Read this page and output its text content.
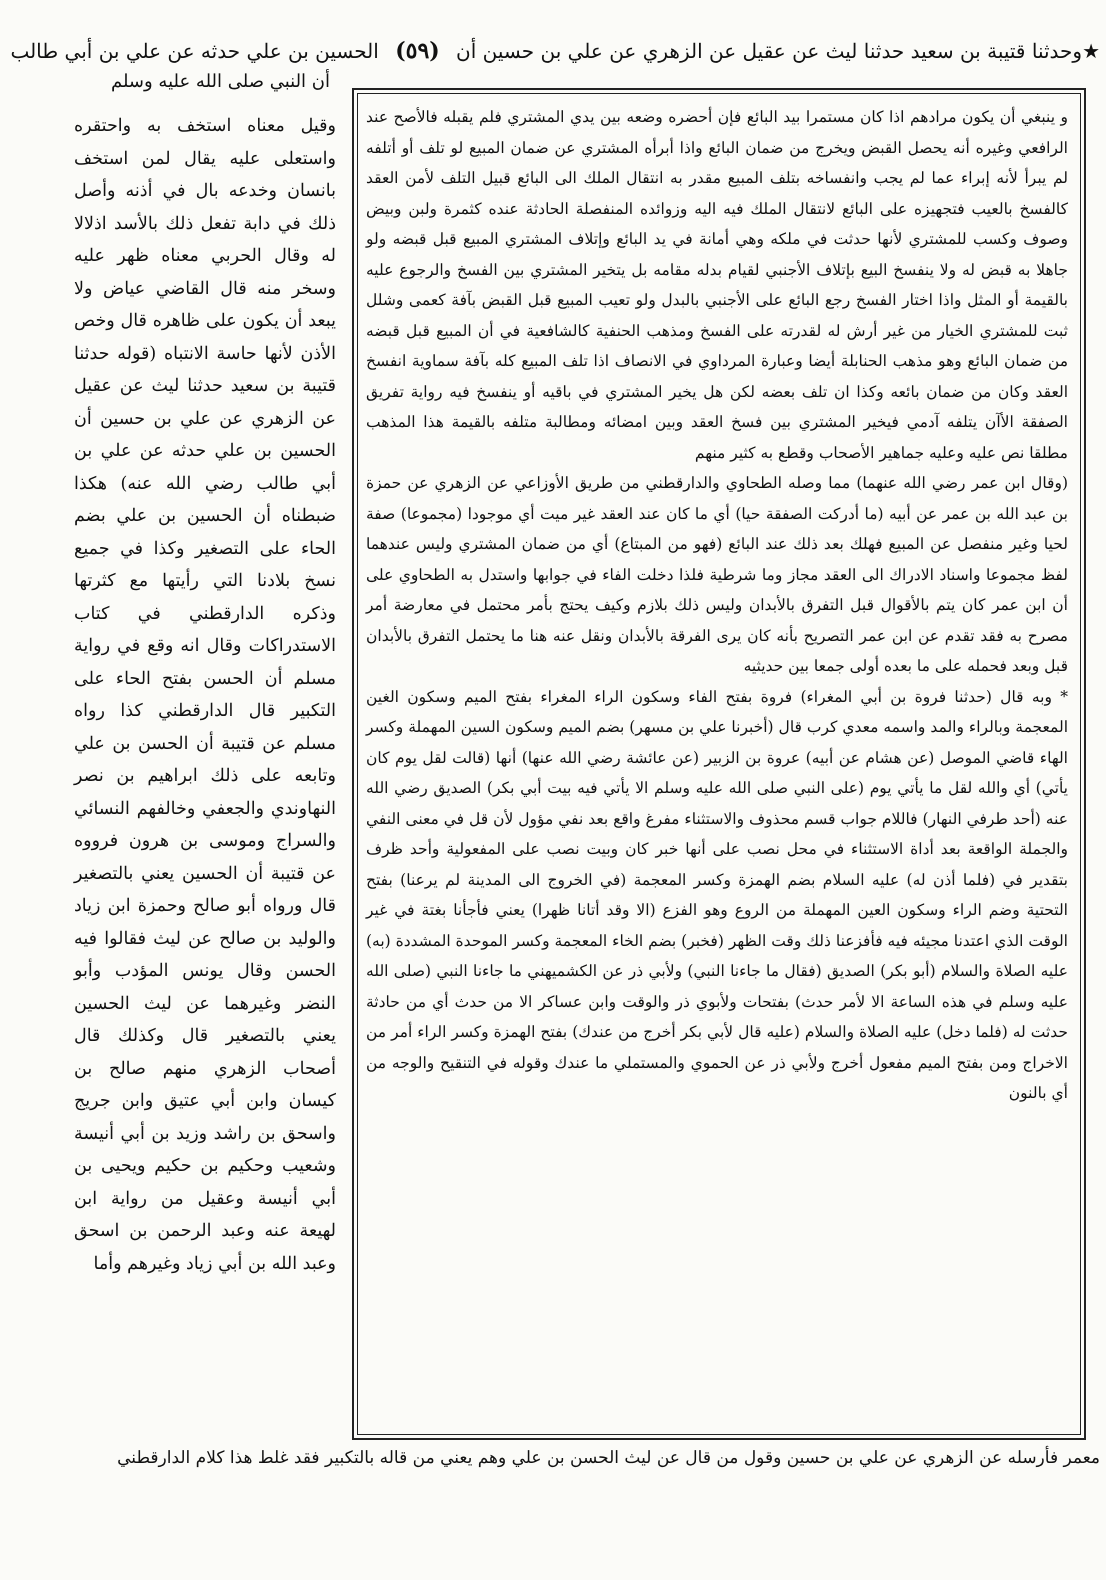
★وحدثنا قتيبة بن سعيد حدثنا ليث عن عقيل عن الزهري عن علي بن حسين أن (٥٩) الحسين بن علي حدثه عن علي بن أبي طالب
أن النبي صلى الله عليه وسلم

و ينبغي أن يكون مرادهم اذا كان مستمرا بيد البائع فإن أحضره وضعه بين يدي المشتري فلم يقبله فالأصح عند الرافعي وغيره أنه يحصل القبض ويخرج من ضمان البائع واذا أبرأه المشتري عن ضمان المبيع لو تلف أو أتلفه لم يبرأ لأنه إبراء عما لم يجب وانفساخه بتلف المبيع مقدر به انتقال الملك الى البائع قبيل التلف لأمن العقد كالفسخ بالعيب فتجهيزه على البائع لانتقال الملك فيه اليه وزوائده المنفصلة الحادثة عنده كثمرة ولبن وبيض وصوف وكسب للمشتري لأنها حدثت في ملكه وهي أمانة في يد البائع وإتلاف المشتري المبيع قبل قبضه ولو جاهلا به قبض له ولا ينفسخ البيع بإتلاف الأجنبي لقيام بدله مقامه بل يتخير المشتري بين الفسخ والرجوع عليه بالقيمة أو المثل واذا اختار الفسخ رجع البائع على الأجنبي بالبدل ولو تعيب المبيع قبل القبض بآفة كعمى وشلل ثبت للمشتري الخيار من غير أرش له لقدرته على الفسخ ومذهب الحنفية كالشافعية في أن المبيع قبل قبضه من ضمان البائع وهو مذهب الحنابلة أيضا وعبارة المرداوي في الانصاف اذا تلف المبيع كله بآفة سماوية انفسخ العقد وكان من ضمان بائعه وكذا ان تلف بعضه لكن هل يخير المشتري في باقيه أو ينفسخ فيه رواية تفريق الصفقة الأآن يتلفه آدمي فيخير المشتري بين فسخ العقد وبين امضائه ومطالبة متلفه بالقيمة هذا المذهب مطلقا نص عليه وعليه جماهير الأصحاب وقطع به كثير منهم

(وقال ابن عمر رضي الله عنهما) مما وصله الطحاوي والدارقطني من طريق الأوزاعي عن الزهري عن حمزة بن عبد الله بن عمر عن أبيه (ما أدركت الصفقة حيا) أي ما كان عند العقد غير ميت أي موجودا (مجموعا) صفة لحيا وغير منفصل عن المبيع فهلك بعد ذلك عند البائع (فهو من المبتاع) أي من ضمان المشتري وليس عندهما لفظ مجموعا واسناد الادراك الى العقد مجاز وما شرطية فلذا دخلت الفاء في جوابها واستدل به الطحاوي على أن ابن عمر كان يتم بالأقوال قبل التفرق بالأبدان وليس ذلك بلازم وكيف يحتج بأمر محتمل في معارضة أمر مصرح به فقد تقدم عن ابن عمر التصريح بأنه كان يرى الفرقة بالأبدان ونقل عنه هنا ما يحتمل التفرق بالأبدان قبل وبعد فحمله على ما بعده أولى جمعا بين حديثيه

* وبه قال (حدثنا فروة بن أبي المغراء) فروة بفتح الفاء وسكون الراء المغراء بفتح الميم وسكون الغين المعجمة وبالراء والمد واسمه معدي كرب قال (أخبرنا علي بن مسهر) بضم الميم وسكون السين المهملة وكسر الهاء قاضي الموصل (عن هشام عن أبيه) عروة بن الزبير (عن عائشة رضي الله عنها) أنها (قالت لقل يوم كان يأتي) أي والله لقل ما يأتي يوم (على النبي صلى الله عليه وسلم الا يأتي فيه بيت أبي بكر) الصديق رضي الله عنه (أحد طرفي النهار) فاللام جواب قسم محذوف والاستثناء مفرغ واقع بعد نفي مؤول لأن قل في معنى النفي والجملة الواقعة بعد أداة الاستثناء في محل نصب على أنها خبر كان وبيت نصب على المفعولية وأحد ظرف بتقدير في (فلما أذن له) عليه السلام بضم الهمزة وكسر المعجمة (في الخروج الى المدينة لم يرعنا) بفتح التحتية وضم الراء وسكون العين المهملة من الروع وهو الفزع (الا وقد أتانا ظهرا) يعني فأجأنا بغتة في غير الوقت الذي اعتدنا مجيئه فيه فأفزعنا ذلك وقت الظهر (فخبر) بضم الخاء المعجمة وكسر الموحدة المشددة (به) عليه الصلاة والسلام (أبو بكر) الصديق (فقال ما جاءنا النبي) ولأبي ذر عن الكشميهني ما جاءنا النبي (صلى الله عليه وسلم في هذه الساعة الا لأمر حدث) بفتحات ولأبوي ذر والوقت وابن عساكر الا من حدث أي من حادثة حدثت له (فلما دخل) عليه الصلاة والسلام (عليه قال لأبي بكر أخرج من عندك) بفتح الهمزة وكسر الراء أمر من الاخراج ومن بفتح الميم مفعول أخرج ولأبي ذر عن الحموي والمستملي ما عندك وقوله في التنقيح والوجه من أي بالنون

وقيل معناه استخف به واحتقره واستعلى عليه يقال لمن استخف بانسان وخدعه بال في أذنه وأصل ذلك في دابة تفعل ذلك بالأسد اذلالا له وقال الحربي معناه ظهر عليه وسخر منه قال القاضي عياض ولا يبعد أن يكون على ظاهره قال وخص الأذن لأنها حاسة الانتباه (قوله حدثنا قتيبة بن سعيد حدثنا ليث عن عقيل عن الزهري عن علي بن حسين أن الحسين بن علي حدثه عن علي بن أبي طالب رضي الله عنه) هكذا ضبطناه أن الحسين بن علي بضم الحاء على التصغير وكذا في جميع نسخ بلادنا التي رأيتها مع كثرتها وذكره الدارقطني في كتاب الاستدراكات وقال انه وقع في رواية مسلم أن الحسن بفتح الحاء على التكبير قال الدارقطني كذا رواه مسلم عن قتيبة أن الحسن بن علي وتابعه على ذلك ابراهيم بن نصر النهاوندي والجعفي وخالفهم النسائي والسراج وموسى بن هرون فرووه عن قتيبة أن الحسين يعني بالتصغير قال ورواه أبو صالح وحمزة ابن زياد والوليد بن صالح عن ليث فقالوا فيه الحسن وقال يونس المؤدب وأبو النضر وغيرهما عن ليث الحسين يعني بالتصغير قال وكذلك قال أصحاب الزهري منهم صالح بن كيسان وابن أبي عتيق وابن جريج واسحق بن راشد وزيد بن أبي أنيسة وشعيب وحكيم بن حكيم ويحيى بن أبي أنيسة وعقيل من رواية ابن لهيعة عنه وعبد الرحمن بن اسحق وعبد الله بن أبي زياد وغيرهم وأما

معمر فأرسله عن الزهري عن علي بن حسين وقول من قال عن ليث الحسن بن علي وهم يعني من قاله بالتكبير فقد غلط هذا كلام الدارقطني
